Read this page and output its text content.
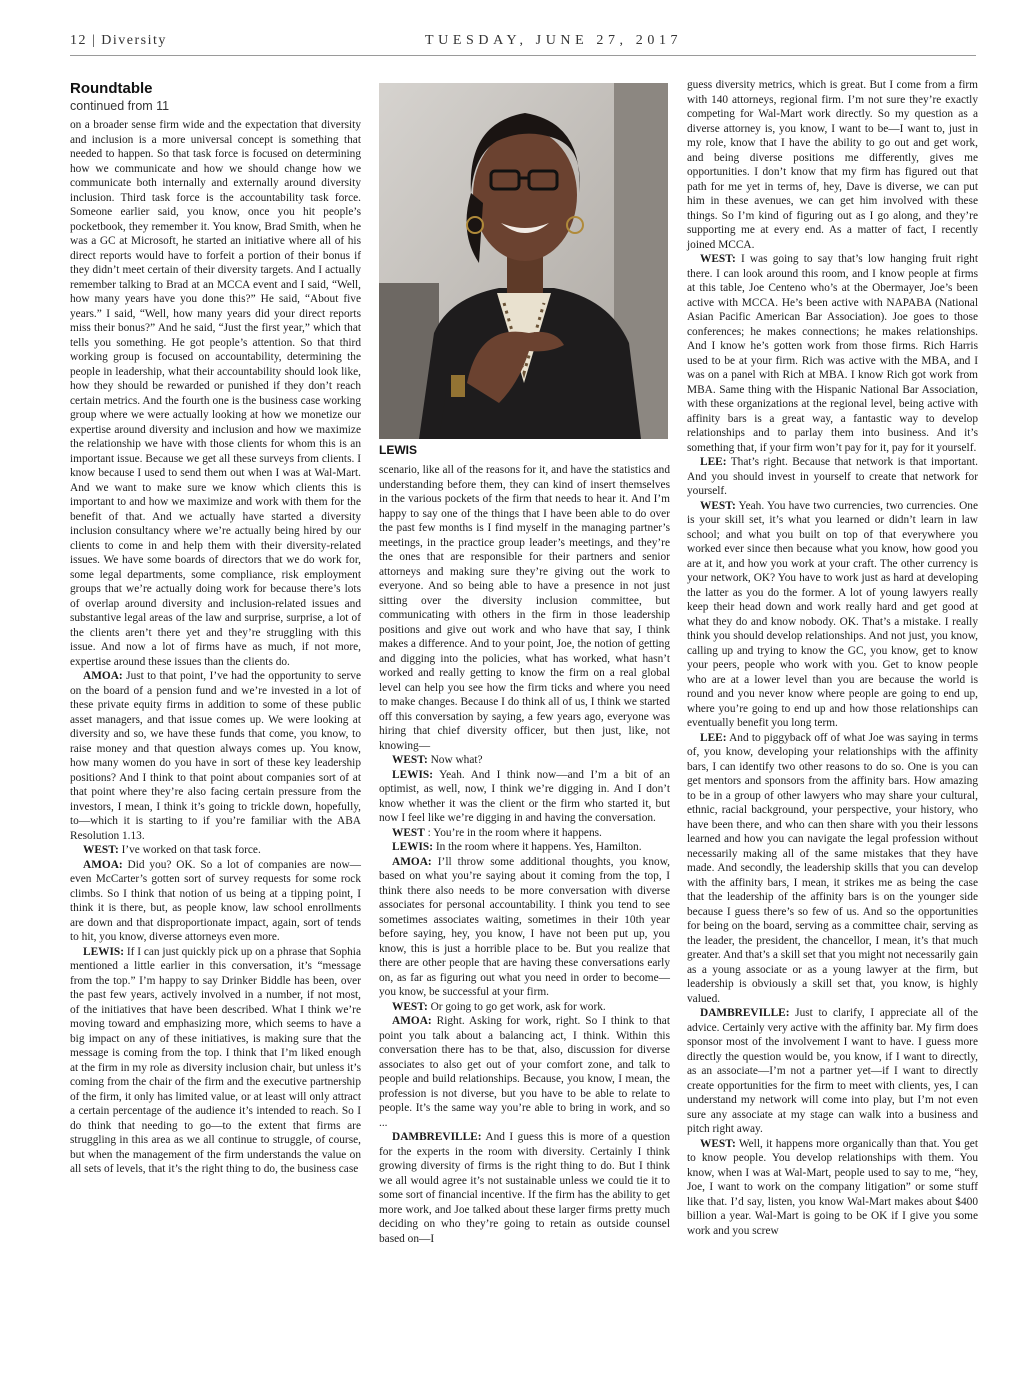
12 | Diversity	TUESDAY, JUNE 27, 2017
Roundtable
continued from 11

on a broader sense firm wide and the expectation that diversity and inclusion is a more universal concept is something that needed to happen. So that task force is focused on determining how we communicate and how we should change how we communicate both internally and externally around diversity inclusion. Third task force is the accountability task force. Someone earlier said, you know, once you hit people’s pocketbook, they remember it. You know, Brad Smith, when he was a GC at Microsoft, he started an initiative where all of his direct reports would have to forfeit a portion of their bonus if they didn’t meet certain of their diversity targets. And I actually remember talking to Brad at an MCCA event and I said, “Well, how many years have you done this?” He said, “About five years.” I said, “Well, how many years did your direct reports miss their bonus?” And he said, “Just the first year,” which that tells you something. He got people’s attention. So that third working group is focused on accountability, determining the people in leadership, what their accountability should look like, how they should be rewarded or punished if they don’t reach certain metrics. And the fourth one is the business case working group where we were actually looking at how we monetize our expertise around diversity and inclusion and how we maximize the relationship we have with those clients for whom this is an important issue. Because we get all these surveys from clients. I know because I used to send them out when I was at Wal-Mart. And we want to make sure we know which clients this is important to and how we maximize and work with them for the benefit of that. And we actually have started a diversity inclusion consultancy where we’re actually being hired by our clients to come in and help them with their diversity-related issues. We have some boards of directors that we do work for, some legal departments, some compliance, risk employment groups that we’re actually doing work for because there’s lots of overlap around diversity and inclusion-related issues and substantive legal areas of the law and surprise, surprise, a lot of the clients aren’t there yet and they’re struggling with this issue. And now a lot of firms have as much, if not more, expertise around these issues than the clients do.

AMOA: Just to that point, I’ve had the opportunity to serve on the board of a pension fund and we’re invested in a lot of these private equity firms in addition to some of these public asset managers, and that issue comes up. We were looking at diversity and so, we have these funds that come, you know, to raise money and that question always comes up. You know, how many women do you have in sort of these key leadership positions? And I think to that point about companies sort of at that point where they’re also facing certain pressure from the investors, I mean, I think it’s going to trickle down, hopefully, to—which it is starting to if you’re familiar with the ABA Resolution 1.13.

WEST: I’ve worked on that task force.

AMOA: Did you? OK. So a lot of companies are now—even McCarter’s gotten sort of survey requests for some rock climbs. So I think that notion of us being at a tipping point, I think it is there, but, as people know, law school enrollments are down and that disproportionate impact, again, sort of tends to hit, you know, diverse attorneys even more.

LEWIS: If I can just quickly pick up on a phrase that Sophia mentioned a little earlier in this conversation, it’s “message from the top.” I’m happy to say Drinker Biddle has been, over the past few years, actively involved in a number, if not most, of the initiatives that have been described. What I think we’re moving toward and emphasizing more, which seems to have a big impact on any of these initiatives, is making sure that the message is coming from the top. I think that I’m liked enough at the firm in my role as diversity inclusion chair, but unless it’s coming from the chair of the firm and the executive partnership of the firm, it only has limited value, or at least will only attract a certain percentage of the audience it’s intended to reach. So I do think that needing to go—to the extent that firms are struggling in this area as we all continue to struggle, of course, but when the management of the firm understands the value on all sets of levels, that it’s the right thing to do, the business case

LEWIS

scenario, like all of the reasons for it, and have the statistics and understanding before them, they can kind of insert themselves in the various pockets of the firm that needs to hear it. And I’m happy to say one of the things that I have been able to do over the past few months is I find myself in the managing partner’s meetings, in the practice group leader’s meetings, and they’re the ones that are responsible for their partners and senior attorneys and making sure they’re giving out the work to everyone. And so being able to have a presence in not just sitting over the diversity inclusion committee, but communicating with others in the firm in those leadership positions and give out work and who have that say, I think makes a difference. And to your point, Joe, the notion of getting and digging into the policies, what has worked, what hasn’t worked and really getting to know the firm on a real global level can help you see how the firm ticks and where you need to make changes. Because I do think all of us, I think we started off this conversation by saying, a few years ago, everyone was hiring that chief diversity officer, but then just, like, not knowing—

WEST: Now what?

LEWIS: Yeah. And I think now—and I’m a bit of an optimist, as well, now, I think we’re digging in. And I don’t know whether it was the client or the firm who started it, but now I feel like we’re digging in and having the conversation.

WEST : You’re in the room where it happens.

LEWIS: In the room where it happens. Yes, Hamilton.

AMOA: I’ll throw some additional thoughts, you know, based on what you’re saying about it coming from the top, I think there also needs to be more conversation with diverse associates for personal accountability. I think you tend to see sometimes associates waiting, sometimes in their 10th year before saying, hey, you know, I have not been put up, you know, this is just a horrible place to be. But you realize that there are other people that are having these conversations early on, as far as figuring out what you need in order to become—you know, be successful at your firm.

WEST: Or going to go get work, ask for work.

AMOA: Right. Asking for work, right. So I think to that point you talk about a balancing act, I think. Within this conversation there has to be that, also, discussion for diverse associates to also get out of your comfort zone, and talk to people and build relationships. Because, you know, I mean, the profession is not diverse, but you have to be able to relate to people. It’s the same way you’re able to bring in work, and so ...

DAMBREVILLE: And I guess this is more of a question for the experts in the room with diversity. Certainly I think growing diversity of firms is the right thing to do. But I think we all would agree it’s not sustainable unless we could tie it to some sort of financial incentive. If the firm has the ability to get more work, and Joe talked about these larger firms pretty much deciding on who they’re going to retain as outside counsel based on—I

guess diversity metrics, which is great. But I come from a firm with 140 attorneys, regional firm. I’m not sure they’re exactly competing for Wal-Mart work directly. So my question as a diverse attorney is, you know, I want to be—I want to, just in my role, know that I have the ability to go out and get work, and being diverse positions me differently, gives me opportunities. I don’t know that my firm has figured out that path for me yet in terms of, hey, Dave is diverse, we can put him in these avenues, we can get him involved with these things. So I’m kind of figuring out as I go along, and they’re supporting me at every end. As a matter of fact, I recently joined MCCA.

WEST: I was going to say that’s low hanging fruit right there. I can look around this room, and I know people at firms at this table, Joe Centeno who’s at the Obermayer, Joe’s been active with MCCA. He’s been active with NAPABA (National Asian Pacific American Bar Association). Joe goes to those conferences; he makes connections; he makes relationships. And I know he’s gotten work from those firms. Rich Harris used to be at your firm. Rich was active with the MBA, and I was on a panel with Rich at MBA. I know Rich got work from MBA. Same thing with the Hispanic National Bar Association, with these organizations at the regional level, being active with affinity bars is a great way, a fantastic way to develop relationships and to parlay them into business. And it’s something that, if your firm won’t pay for it, pay for it yourself.

LEE: That’s right. Because that network is that important. And you should invest in yourself to create that network for yourself.

WEST: Yeah. You have two currencies, two currencies. One is your skill set, it’s what you learned or didn’t learn in law school; and what you built on top of that everywhere you worked ever since then because what you know, how good you are at it, and how you work at your craft. The other currency is your network, OK? You have to work just as hard at developing the latter as you do the former. A lot of young lawyers really keep their head down and work really hard and get good at what they do and know nobody. OK. That’s a mistake. I really think you should develop relationships. And not just, you know, calling up and trying to know the GC, you know, get to know your peers, people who work with you. Get to know people who are at a lower level than you are because the world is round and you never know where people are going to end up, where you’re going to end up and how those relationships can eventually benefit you long term.

LEE: And to piggyback off of what Joe was saying in terms of, you know, developing your relationships with the affinity bars, I can identify two other reasons to do so. One is you can get mentors and sponsors from the affinity bars. How amazing to be in a group of other lawyers who may share your cultural, ethnic, racial background, your perspective, your history, who have been there, and who can then share with you their lessons learned and how you can navigate the legal profession without necessarily making all of the same mistakes that they have made. And secondly, the leadership skills that you can develop with the affinity bars, I mean, it strikes me as being the case that the leadership of the affinity bars is on the younger side because I guess there’s so few of us. And so the opportunities for being on the board, serving as a committee chair, serving as the leader, the president, the chancellor, I mean, it’s that much greater. And that’s a skill set that you might not necessarily gain as a young associate or as a young lawyer at the firm, but leadership is obviously a skill set that, you know, is highly valued.

DAMBREVILLE: Just to clarify, I appreciate all of the advice. Certainly very active with the affinity bar. My firm does sponsor most of the involvement I want to have. I guess more directly the question would be, you know, if I want to directly, as an associate—I’m not a partner yet—if I want to directly create opportunities for the firm to meet with clients, yes, I can understand my network will come into play, but I’m not even sure any associate at my stage can walk into a business and pitch right away.

WEST: Well, it happens more organically than that. You get to know people. You develop relationships with them. You know, when I was at Wal-Mart, people used to say to me, “hey, Joe, I want to work on the company litigation” or some stuff like that. I’d say, listen, you know Wal-Mart makes about $400 billion a year. Wal-Mart is going to be OK if I give you some work and you screw
